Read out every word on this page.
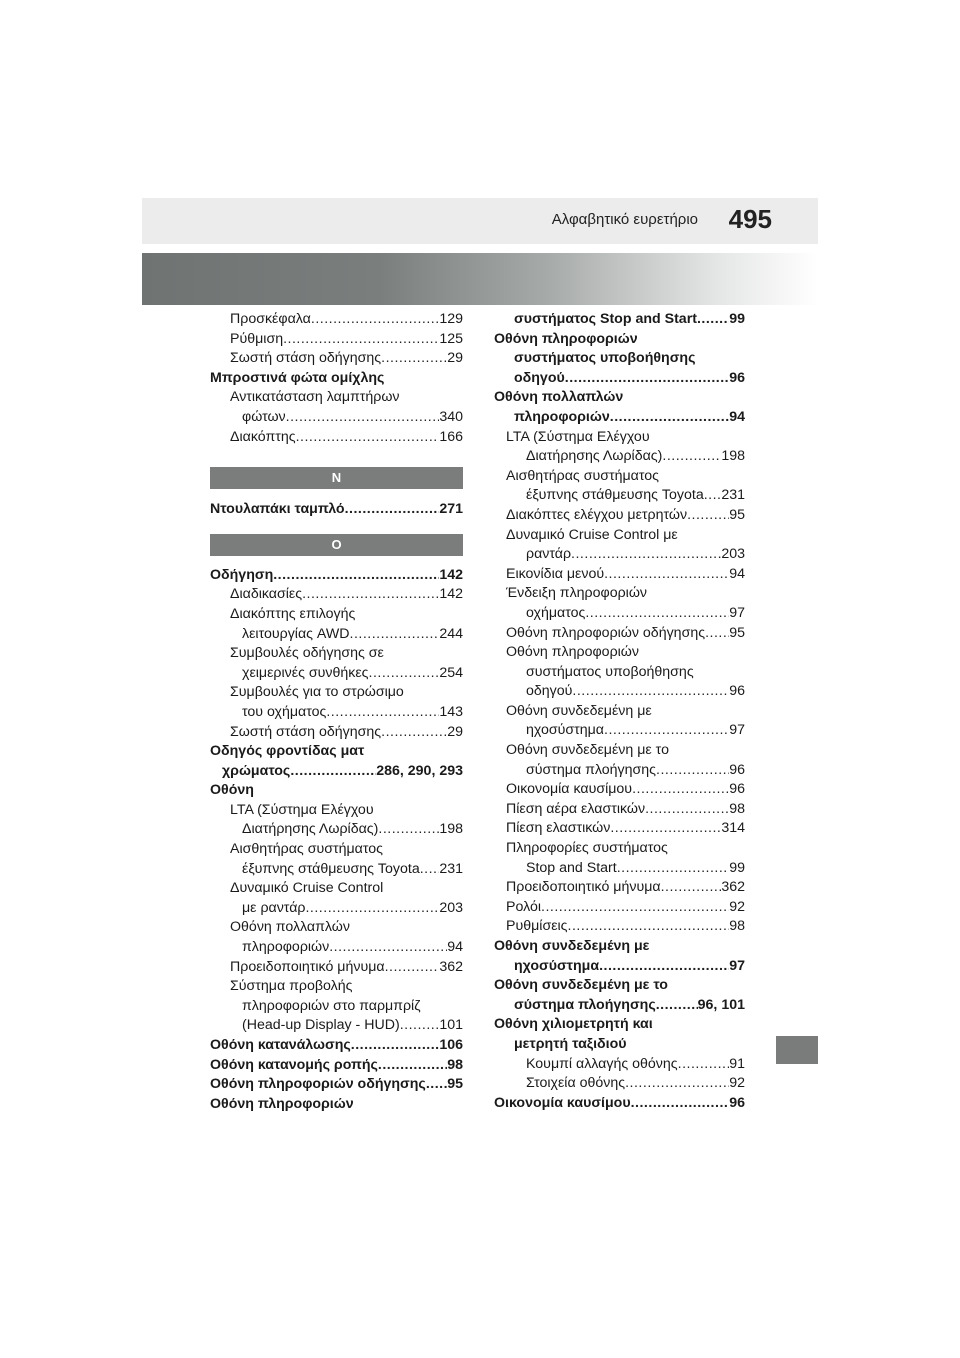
Αλφαβητικό ευρετήριο 495
Προσκέφαλα .....	129
Ρύθμιση .....	125
Σωστή στάση οδήγησης .....	29
Μπροστινά φώτα ομίχλης
Αντικατάσταση λαμπτήρων
φώτων .....	340
Διακόπτης .....	166
N
Ντουλαπάκι ταμπλό .....	271
O
Οδήγηση .....	142
Διαδικασίες .....	142
Διακόπτης επιλογής
λειτουργίας AWD .....	244
Συμβουλές οδήγησης σε
χειμερινές συνθήκες .....	254
Συμβουλές για το στρώσιμο
του οχήματος .....	143
Σωστή στάση οδήγησης .....	29
Οδηγός φροντίδας ματ
χρώματος .....	286, 290, 293
Οθόνη
LTA (Σύστημα Ελέγχου
Διατήρησης Λωρίδας) .....	198
Αισθητήρας συστήματος
έξυπνης στάθμευσης Toyota ..... 231
Δυναμικό Cruise Control
με ραντάρ .....	203
Οθόνη πολλαπλών
πληροφοριών .....	94
Προειδοποιητικό μήνυμα .....	362
Σύστημα προβολής
πληροφοριών στο παρμπρίζ
(Head-up Display - HUD) .....	101
Οθόνη κατανάλωσης .....	106
Οθόνη κατανομής ροπής .....	98
Οθόνη πληροφοριών οδήγησης ..... 95
Οθόνη πληροφοριών
συστήματος Stop and Start ..... 99
Οθόνη πληροφοριών
συστήματος υποβοήθησης
οδηγού .....	96
Οθόνη πολλαπλών
πληροφοριών .....	94
LTA (Σύστημα Ελέγχου
Διατήρησης Λωρίδας) .....	198
Αισθητήρας συστήματος
έξυπνης στάθμευσης Toyota ..... 231
Διακόπτες ελέγχου μετρητών .....	95
Δυναμικό Cruise Control με
ραντάρ .....	203
Εικονίδια μενού .....	94
Ένδειξη πληροφοριών
οχήματος .....	97
Οθόνη πληροφοριών οδήγησης ..... 95
Οθόνη πληροφοριών
συστήματος υποβοήθησης
οδηγού .....	96
Οθόνη συνδεδεμένη με
ηχοσύστημα .....	97
Οθόνη συνδεδεμένη με το
σύστημα πλοήγησης .....	96
Οικονομία καυσίμου .....	96
Πίεση αέρα ελαστικών .....	98
Πίεση ελαστικών .....	314
Πληροφορίες συστήματος
Stop and Start .....	99
Προειδοποιητικό μήνυμα .....	362
Ρολόι .....	92
Ρυθμίσεις .....	98
Οθόνη συνδεδεμένη με
ηχοσύστημα .....	97
Οθόνη συνδεδεμένη με το
σύστημα πλοήγησης .....	96, 101
Οθόνη χιλιομετρητή και
μετρητή ταξιδιού
Κουμπί αλλαγής οθόνης .....	91
Στοιχεία οθόνης .....	92
Οικονομία καυσίμου .....	96
